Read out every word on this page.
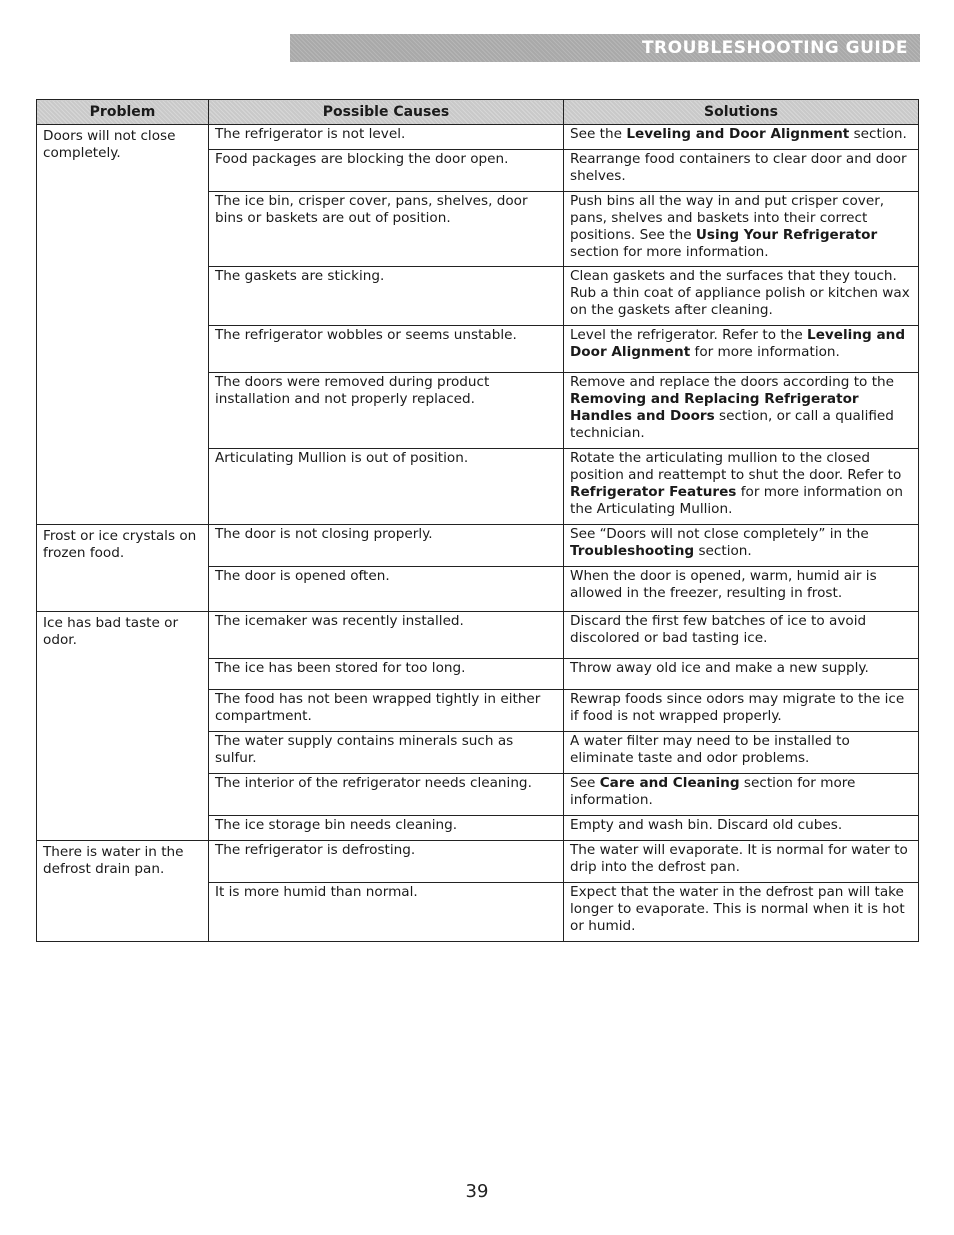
TROUBLESHOOTING GUIDE
Problem	Possible Causes	Solutions
Doors will not close completely.	The refrigerator is not level.	See the Leveling and Door Alignment section.
	Food packages are blocking the door open.	Rearrange food containers to clear door and door shelves.
	The ice bin, crisper cover, pans, shelves, door bins or baskets are out of position.	Push bins all the way in and put crisper cover, pans, shelves and baskets into their correct positions. See the Using Your Refrigerator section for more information.
	The gaskets are sticking.	Clean gaskets and the surfaces that they touch. Rub a thin coat of appliance polish or kitchen wax on the gaskets after cleaning.
	The refrigerator wobbles or seems unstable.	Level the refrigerator. Refer to the Leveling and Door Alignment for more information.
	The doors were removed during product installation and not properly replaced.	Remove and replace the doors according to the Removing and Replacing Refrigerator Handles and Doors section, or call a qualified technician.
	Articulating Mullion is out of position.	Rotate the articulating mullion to the closed position and reattempt to shut the door. Refer to Refrigerator Features for more information on the Articulating Mullion.
Frost or ice crystals on frozen food.	The door is not closing properly.	See “Doors will not close completely” in the Troubleshooting section.
	The door is opened often.	When the door is opened, warm, humid air is allowed in the freezer, resulting in frost.
Ice has bad taste or odor.	The icemaker was recently installed.	Discard the first few batches of ice to avoid discolored or bad tasting ice.
	The ice has been stored for too long.	Throw away old ice and make a new supply.
	The food has not been wrapped tightly in either compartment.	Rewrap foods since odors may migrate to the ice if food is not wrapped properly.
	The water supply contains minerals such as sulfur.	A water filter may need to be installed to eliminate taste and odor problems.
	The interior of the refrigerator needs cleaning.	See Care and Cleaning section for more information.
	The ice storage bin needs cleaning.	Empty and wash bin. Discard old cubes.
There is water in the defrost drain pan.	The refrigerator is defrosting.	The water will evaporate. It is normal for water to drip into the defrost pan.
	It is more humid than normal.	Expect that the water in the defrost pan will take longer to evaporate. This is normal when it is hot or humid.
39
